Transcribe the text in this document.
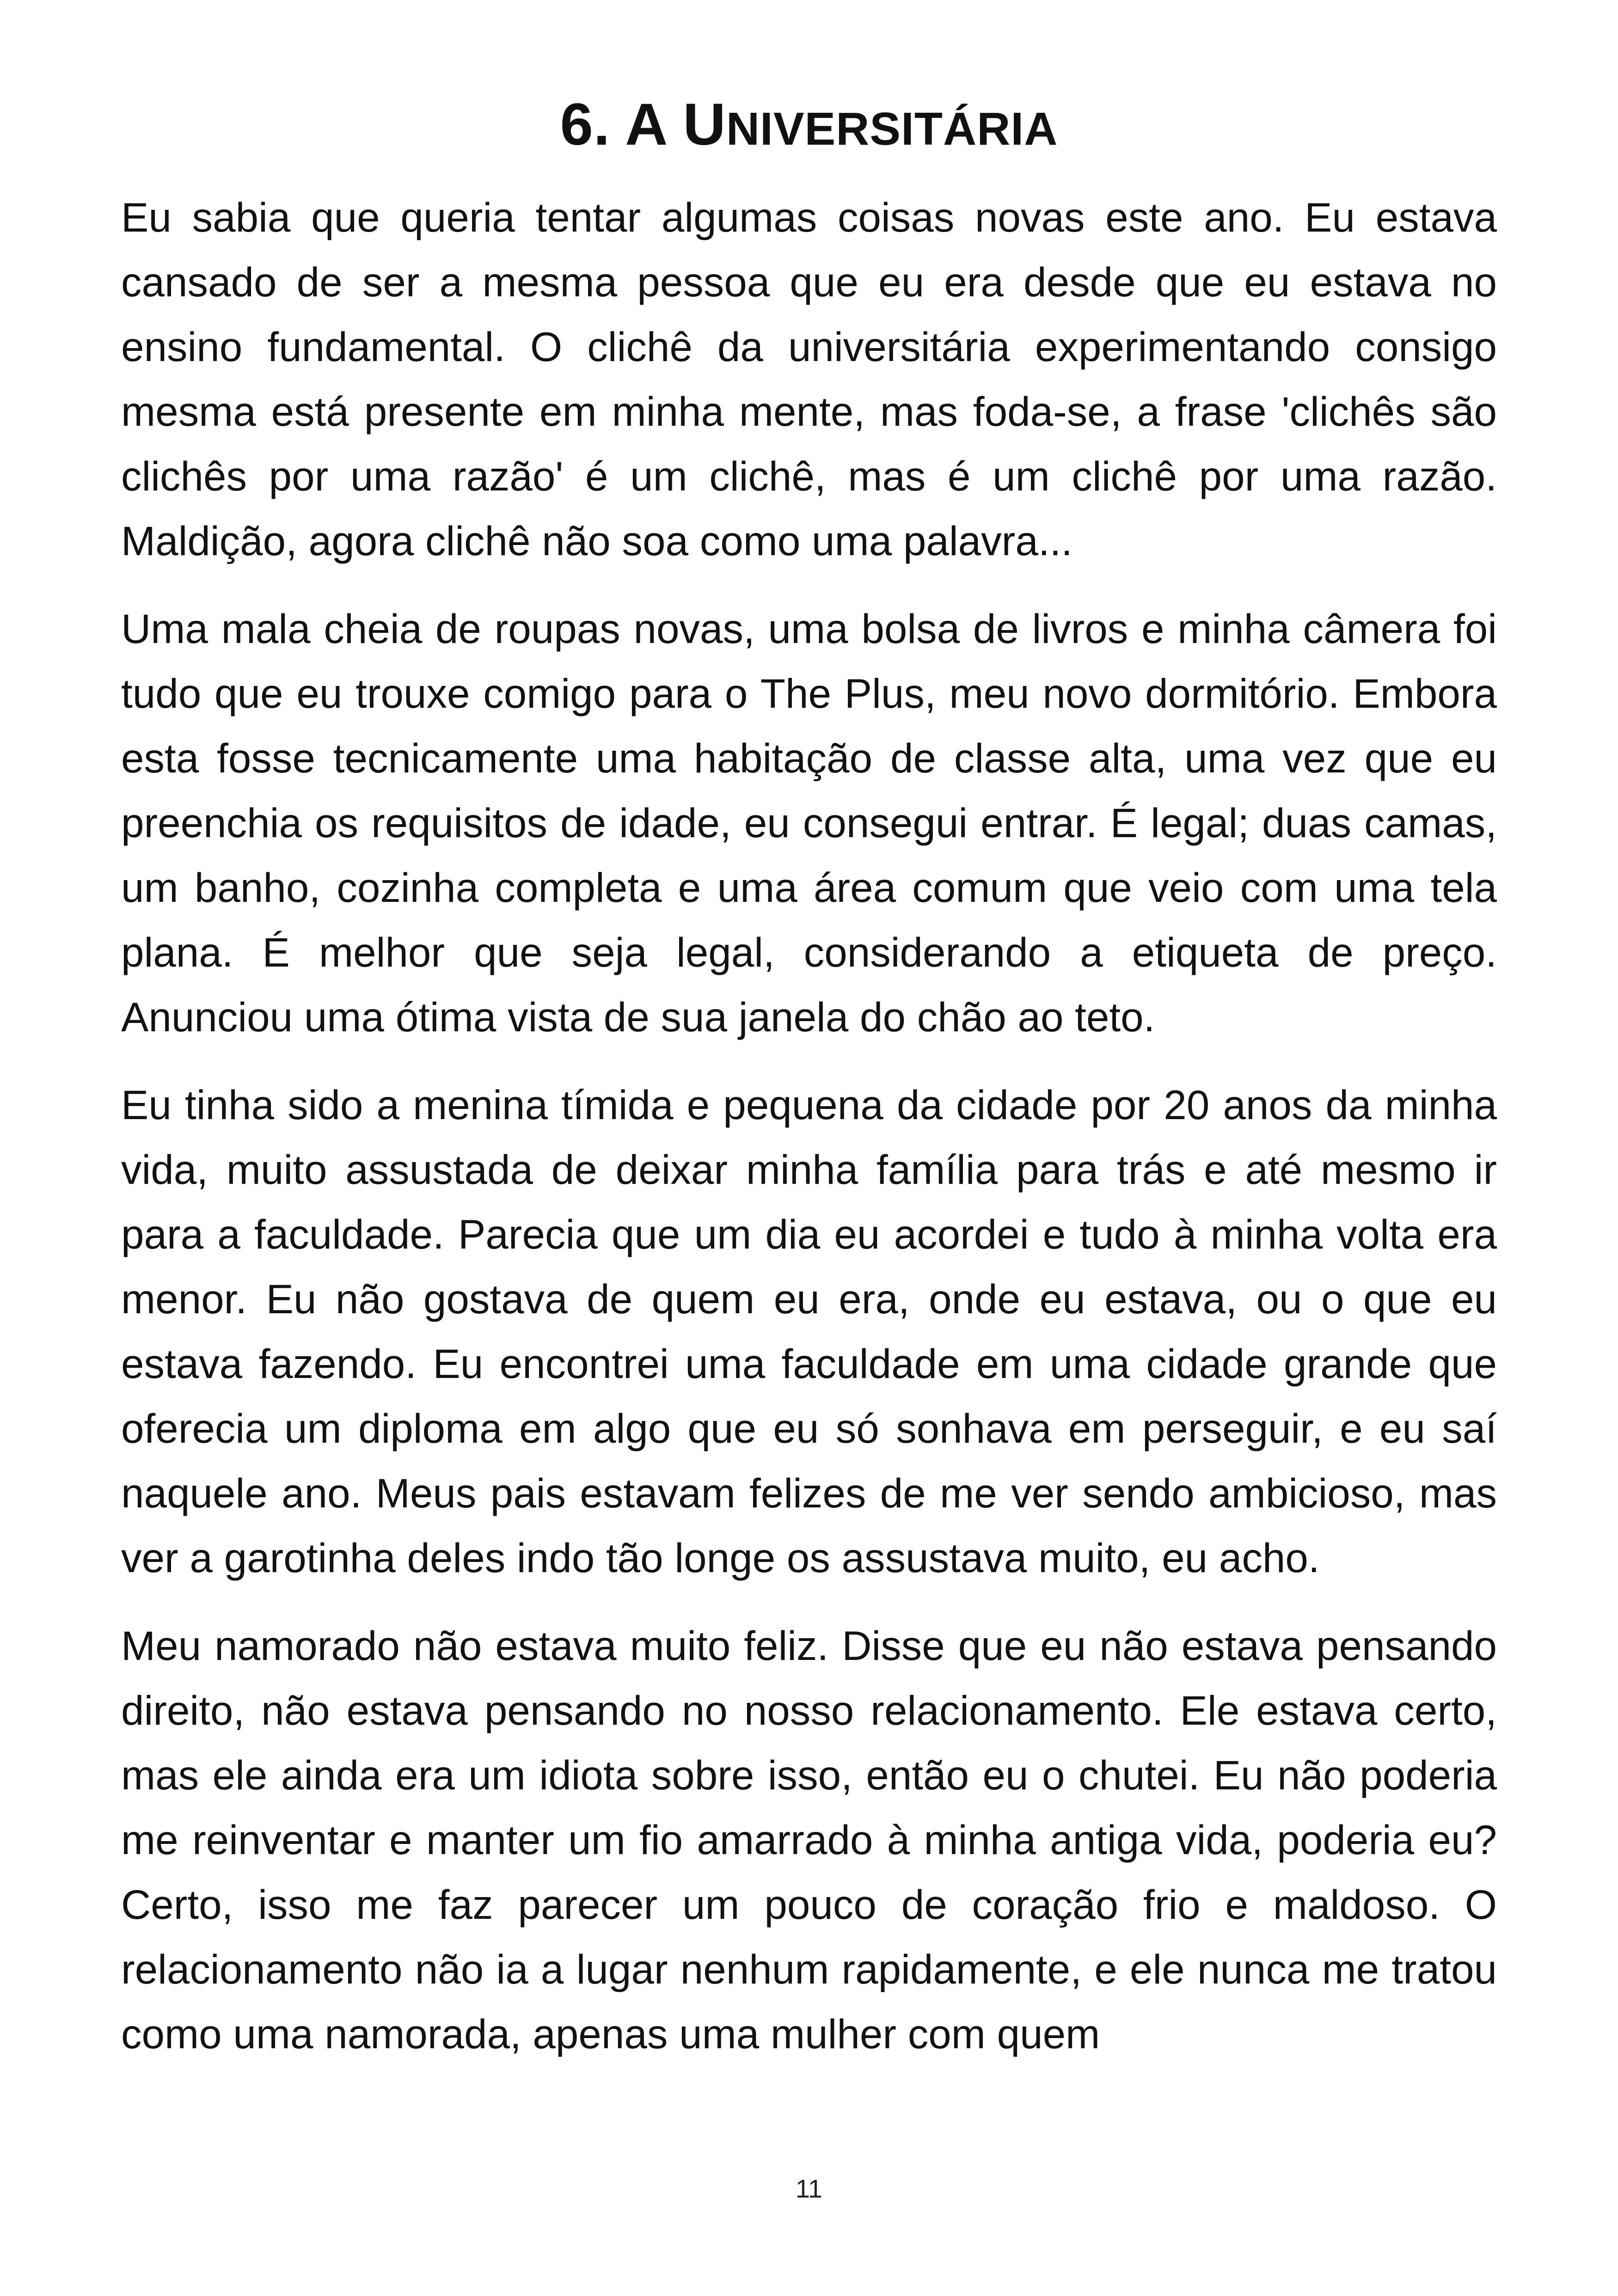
6. A UNIVERSITÁRIA

Eu sabia que queria tentar algumas coisas novas este ano. Eu estava cansado de ser a mesma pessoa que eu era desde que eu estava no ensino fundamental. O clichê da universitária experimentando consigo mesma está presente em minha mente, mas foda-se, a frase 'clichês são clichês por uma razão' é um clichê, mas é um clichê por uma razão. Maldição, agora clichê não soa como uma palavra...

Uma mala cheia de roupas novas, uma bolsa de livros e minha câmera foi tudo que eu trouxe comigo para o The Plus, meu novo dormitório. Embora esta fosse tecnicamente uma habitação de classe alta, uma vez que eu preenchia os requisitos de idade, eu consegui entrar. É legal; duas camas, um banho, cozinha completa e uma área comum que veio com uma tela plana. É melhor que seja legal, considerando a etiqueta de preço. Anunciou uma ótima vista de sua janela do chão ao teto.

Eu tinha sido a menina tímida e pequena da cidade por 20 anos da minha vida, muito assustada de deixar minha família para trás e até mesmo ir para a faculdade. Parecia que um dia eu acordei e tudo à minha volta era menor. Eu não gostava de quem eu era, onde eu estava, ou o que eu estava fazendo. Eu encontrei uma faculdade em uma cidade grande que oferecia um diploma em algo que eu só sonhava em perseguir, e eu saí naquele ano. Meus pais estavam felizes de me ver sendo ambicioso, mas ver a garotinha deles indo tão longe os assustava muito, eu acho.

Meu namorado não estava muito feliz. Disse que eu não estava pensando direito, não estava pensando no nosso relacionamento. Ele estava certo, mas ele ainda era um idiota sobre isso, então eu o chutei. Eu não poderia me reinventar e manter um fio amarrado à minha antiga vida, poderia eu? Certo, isso me faz parecer um pouco de coração frio e maldoso. O relacionamento não ia a lugar nenhum rapidamente, e ele nunca me tratou como uma namorada, apenas uma mulher com quem

11
